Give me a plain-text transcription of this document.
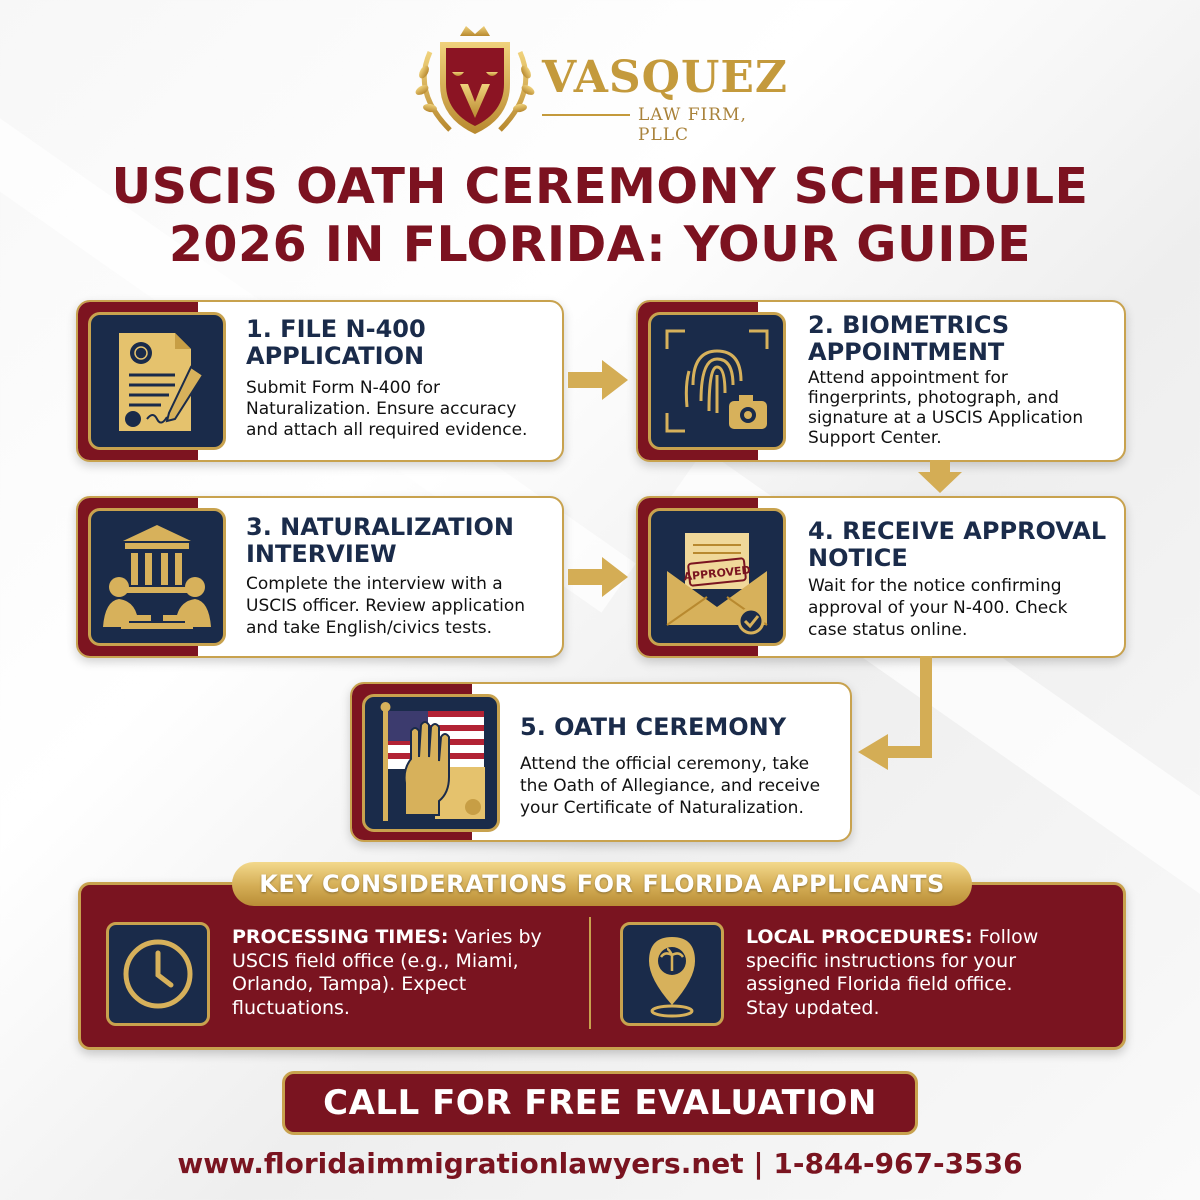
VASQUEZ
LAW FIRM, PLLC
USCIS OATH CEREMONY SCHEDULE
2026 IN FLORIDA: YOUR GUIDE
1. FILE N-400
APPLICATION
Submit Form N-400 for
Naturalization. Ensure accuracy
and attach all required evidence.
2. BIOMETRICS
APPOINTMENT
Attend appointment for
fingerprints, photograph, and
signature at a USCIS Application
Support Center.
3. NATURALIZATION
INTERVIEW
Complete the interview with a
USCIS officer. Review application
and take English/civics tests.
APPROVED
4. RECEIVE APPROVAL
NOTICE
Wait for the notice confirming
approval of your N-400. Check
case status online.
5. OATH CEREMONY
Attend the official ceremony, take
the Oath of Allegiance, and receive
your Certificate of Naturalization.
KEY CONSIDERATIONS FOR FLORIDA APPLICANTS
PROCESSING TIMES: Varies by
USCIS field office (e.g., Miami,
Orlando, Tampa). Expect
fluctuations.
LOCAL PROCEDURES: Follow
specific instructions for your
assigned Florida field office.
Stay updated.
CALL FOR FREE EVALUATION
www.floridaimmigrationlawyers.net | 1-844-967-3536
